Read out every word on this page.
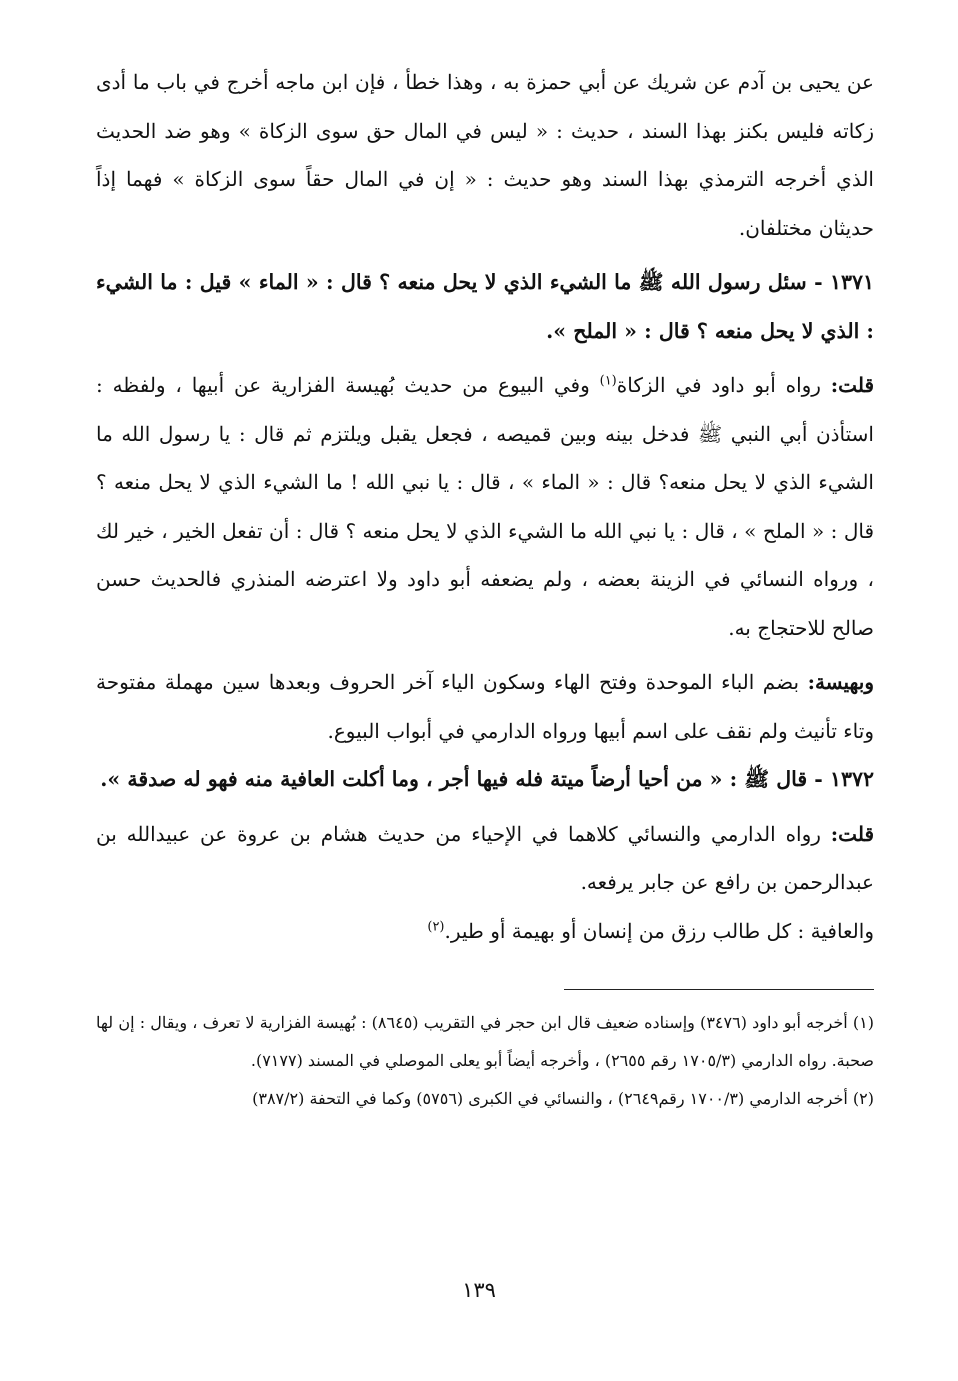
عن يحيى بن آدم عن شريك عن أبي حمزة به ، وهذا خطأ ، فإن ابن ماجه أخرج في باب ما أدى زكاته فليس بكنز بهذا السند ، حديث : « ليس في المال حق سوى الزكاة » وهو ضد الحديث الذي أخرجه الترمذي بهذا السند وهو حديث : « إن في المال حقاً سوى الزكاة » فهما إذاً حديثان مختلفان.

١٣٧١ - سئل رسول الله ﷺ ما الشيء الذي لا يحل منعه ؟ قال : « الماء » قيل : ما الشيء : الذي لا يحل منعه ؟ قال : « الملح ».

قلت: رواه أبو داود في الزكاة$^{(١)}$ وفي البيوع من حديث بُهيسة الفزارية عن أبيها ، ولفظه : استأذن أبي النبي ﷺ فدخل بينه وبين قميصه ، فجعل يقبل ويلتزم ثم قال : يا رسول الله ما الشيء الذي لا يحل منعه؟ قال : « الماء » ، قال : يا نبي الله ! ما الشيء الذي لا يحل منعه ؟ قال : « الملح » ، قال : يا نبي الله ما الشيء الذي لا يحل منعه ؟ قال : أن تفعل الخير ، خير لك ، ورواه النسائي في الزينة بعضه ، ولم يضعفه أبو داود ولا اعترضه المنذري فالحديث حسن صالح للاحتجاج به.

وبهيسة: بضم الباء الموحدة وفتح الهاء وسكون الياء آخر الحروف وبعدها سين مهملة مفتوحة وتاء تأنيث ولم نقف على اسم أبيها ورواه الدارمي في أبواب البيوع.

١٣٧٢ - قال ﷺ : « من أحيا أرضاً ميتة فله فيها أجر ، وما أكلت العافية منه فهو له صدقة ».

قلت: رواه الدارمي والنسائي كلاهما في الإحياء من حديث هشام بن عروة عن عبيدالله بن عبدالرحمن بن رافع عن جابر يرفعه.

والعافية : كل طالب رزق من إنسان أو بهيمة أو طير.$^{(٢)}$

(١) أخرجه أبو داود (٣٤٧٦) وإسناده ضعيف قال ابن حجر في التقريب (٨٦٤٥) : بُهيسة الفزارية لا تعرف ، ويقال : إن لها صحبة. رواه الدارمي (١٧٠٥/٣ رقم ٢٦٥٥) ، وأخرجه أيضاً أبو يعلى الموصلي في المسند (٧١٧٧).

(٢) أخرجه الدارمي (١٧٠٠/٣ رقم٢٦٤٩) ، والنسائي في الكبرى (٥٧٥٦) وكما في التحفة (٣٨٧/٢)

١٣٩
